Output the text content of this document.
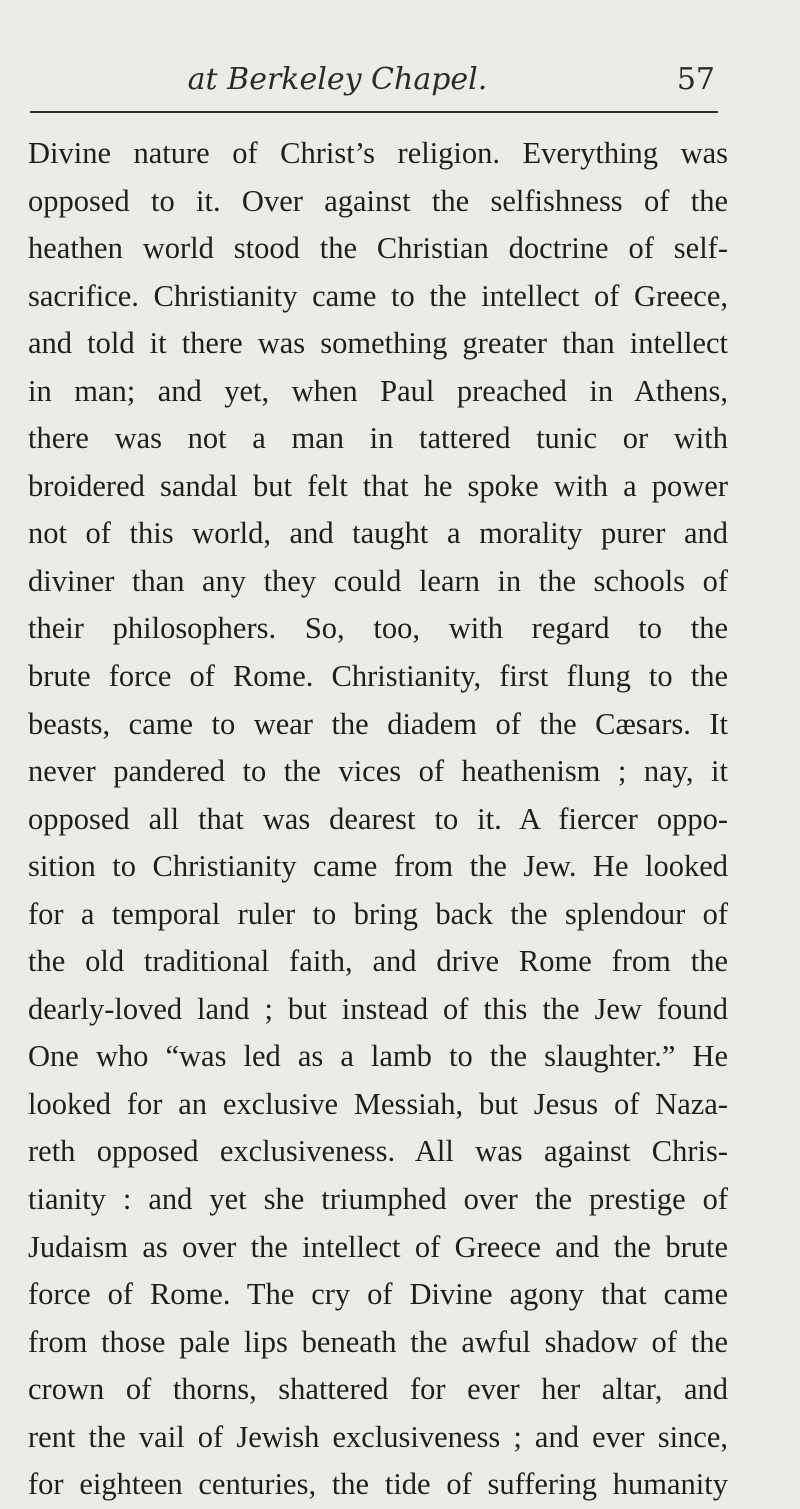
at Berkeley Chapel.	57
Divine nature of Christ’s religion. Everything was
opposed to it. Over against the selfishness of the
heathen world stood the Christian doctrine of self-
sacrifice. Christianity came to the intellect of Greece,
and told it there was something greater than intellect
in man; and yet, when Paul preached in Athens,
there was not a man in tattered tunic or with
broidered sandal but felt that he spoke with a power
not of this world, and taught a morality purer and
diviner than any they could learn in the schools of
their philosophers. So, too, with regard to the
brute force of Rome. Christianity, first flung to the
beasts, came to wear the diadem of the Cæsars. It
never pandered to the vices of heathenism ; nay, it
opposed all that was dearest to it. A fiercer oppo-
sition to Christianity came from the Jew. He looked
for a temporal ruler to bring back the splendour of
the old traditional faith, and drive Rome from the
dearly-loved land ; but instead of this the Jew found
One who “was led as a lamb to the slaughter.” He
looked for an exclusive Messiah, but Jesus of Naza-
reth opposed exclusiveness. All was against Chris-
tianity : and yet she triumphed over the prestige of
Judaism as over the intellect of Greece and the brute
force of Rome. The cry of Divine agony that came
from those pale lips beneath the awful shadow of the
crown of thorns, shattered for ever her altar, and
rent the vail of Jewish exclusiveness ; and ever since,
for eighteen centuries, the tide of suffering humanity
